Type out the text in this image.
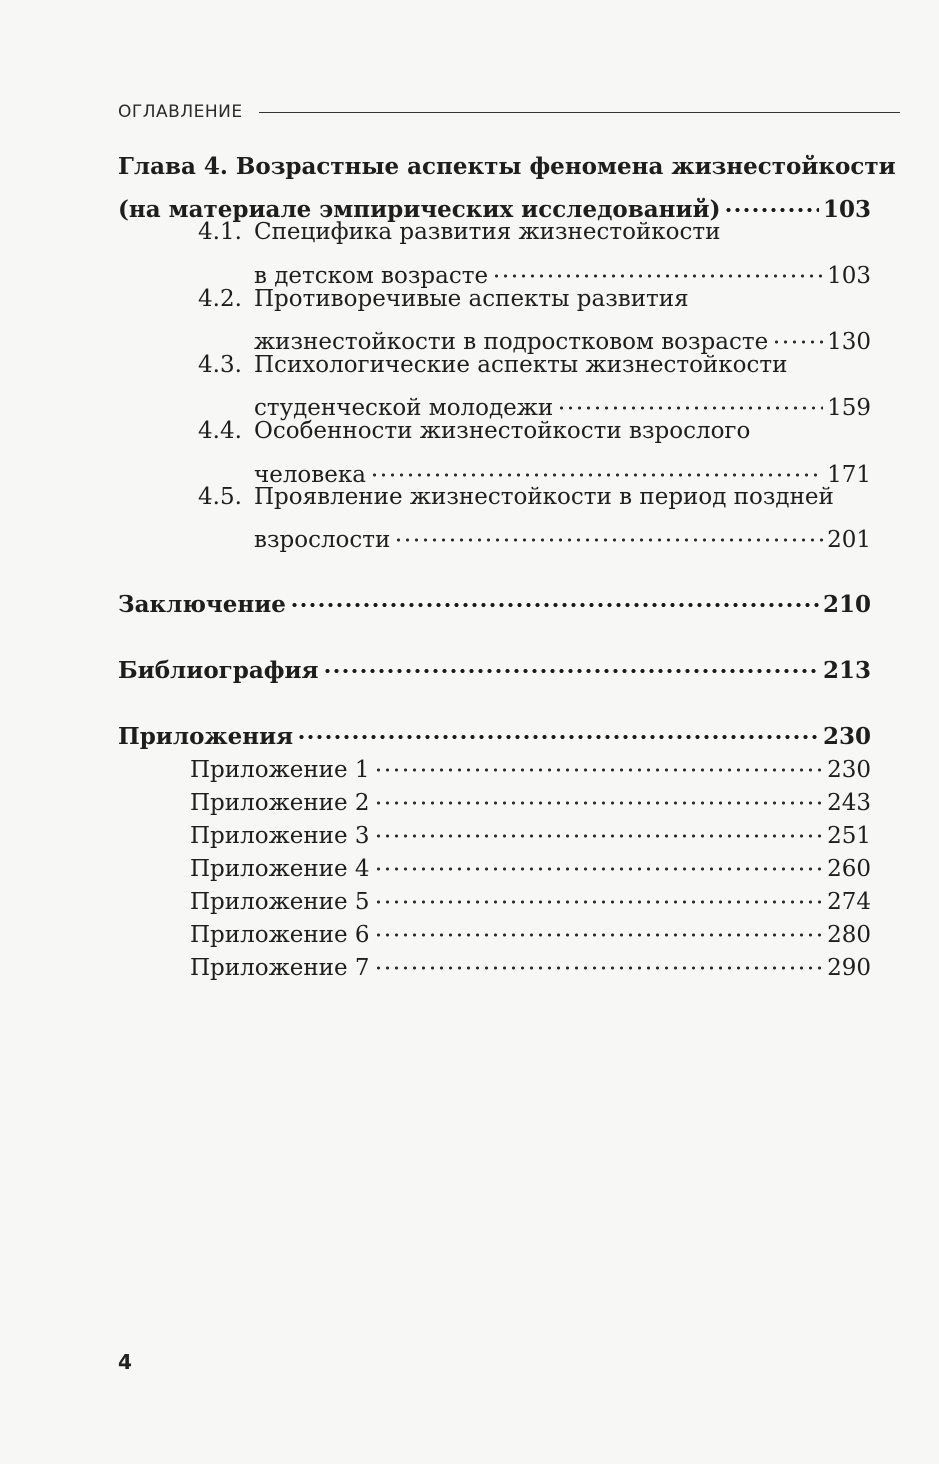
ОГЛАВЛЕНИЕ
Глава 4. Возрастные аспекты феномена жизнестойкости
(на материале эмпирических исследований)	103
4.1. Специфика развития жизнестойкости
в детском возрасте	103
4.2. Противоречивые аспекты развития
жизнестойкости в подростковом возрасте	130
4.3. Психологические аспекты жизнестойкости
студенческой молодежи	159
4.4. Особенности жизнестойкости взрослого
человека	171
4.5. Проявление жизнестойкости в период поздней
взрослости	201
Заключение	210
Библиография	213
Приложения	230
Приложение 1	230
Приложение 2	243
Приложение 3	251
Приложение 4	260
Приложение 5	274
Приложение 6	280
Приложение 7	290
4
